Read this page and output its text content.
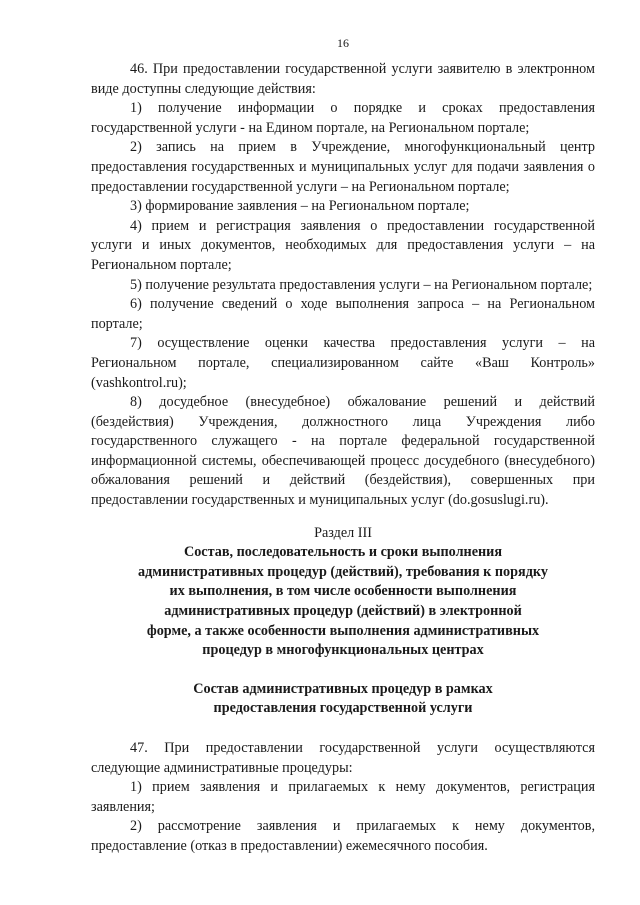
16

46. При предоставлении государственной услуги заявителю в электронном виде доступны следующие действия:

1) получение информации о порядке и сроках предоставления государственной услуги - на Едином портале, на Региональном портале;

2) запись на прием в Учреждение, многофункциональный центр предоставления государственных и муниципальных услуг для подачи заявления о предоставлении государственной услуги – на Региональном портале;

3) формирование заявления – на Региональном портале;

4) прием и регистрация заявления о предоставлении государственной услуги и иных документов, необходимых для предоставления услуги – на Региональном портале;

5) получение результата предоставления услуги – на Региональном портале;

6) получение сведений о ходе выполнения запроса – на Региональном портале;

7) осуществление оценки качества предоставления услуги – на Региональном портале, специализированном сайте «Ваш Контроль» (vashkontrol.ru);

8) досудебное (внесудебное) обжалование решений и действий (бездействия) Учреждения, должностного лица Учреждения либо государственного служащего - на портале федеральной государственной информационной системы, обеспечивающей процесс досудебного (внесудебного) обжалования решений и действий (бездействия), совершенных при предоставлении государственных и муниципальных услуг (do.gosuslugi.ru).

Раздел III

Состав, последовательность и сроки выполнения

административных процедур (действий), требования к порядку

их выполнения, в том числе особенности выполнения

административных процедур (действий) в электронной

форме, а также особенности выполнения административных

процедур в многофункциональных центрах

Состав административных процедур в рамках

предоставления государственной услуги

47. При предоставлении государственной услуги осуществляются следующие административные процедуры:

1) прием заявления и прилагаемых к нему документов, регистрация заявления;

2) рассмотрение заявления и прилагаемых к нему документов, предоставление (отказ в предоставлении) ежемесячного пособия.
